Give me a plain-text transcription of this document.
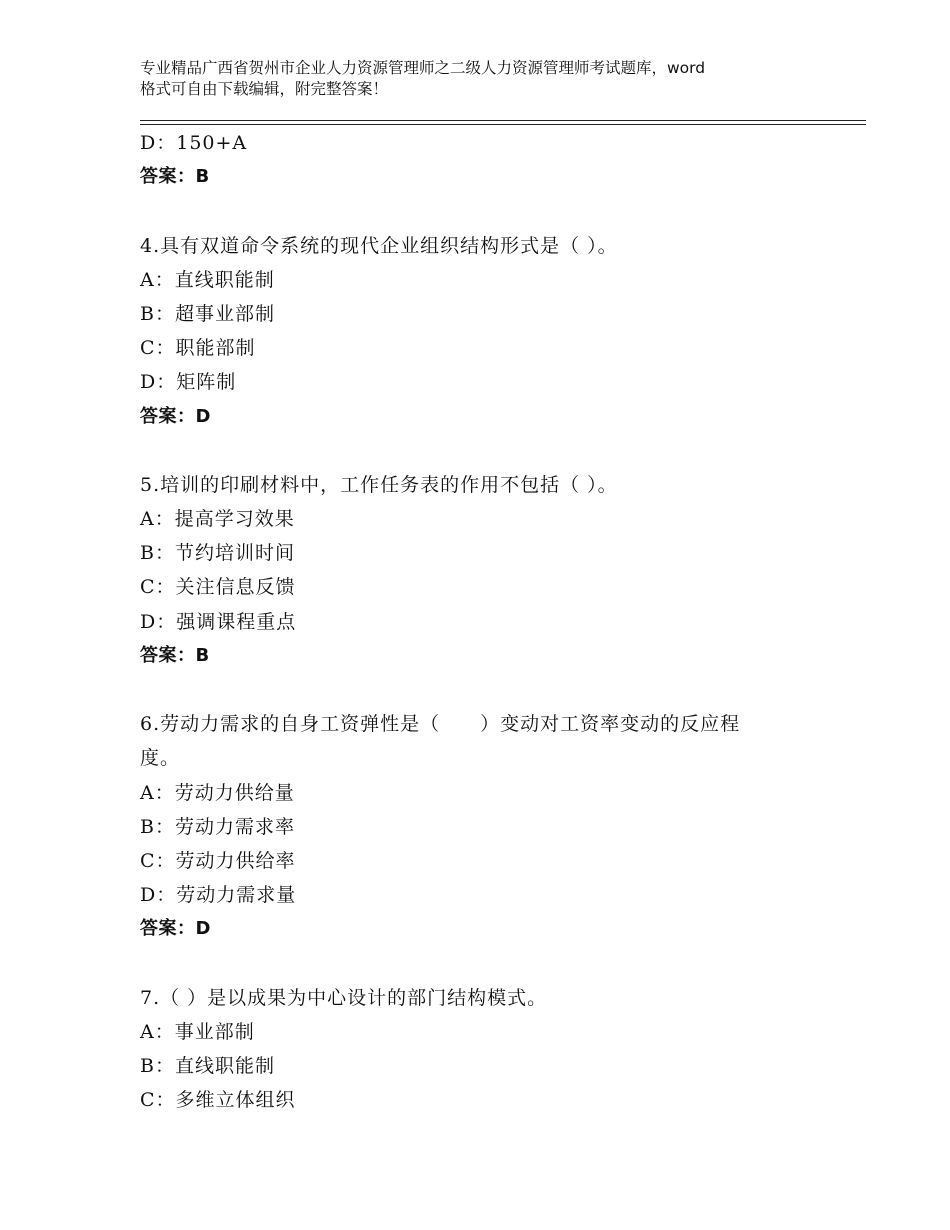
专业精品广西省贺州市企业人力资源管理师之二级人力资源管理师考试题库，word
格式可自由下载编辑，附完整答案！
D：150+A
答案：B
4.具有双道命令系统的现代企业组织结构形式是（ ）。
A：直线职能制
B：超事业部制
C：职能部制
D：矩阵制
答案：D
5.培训的印刷材料中，工作任务表的作用不包括（ ）。
A：提高学习效果
B：节约培训时间
C：关注信息反馈
D：强调课程重点
答案：B
6.劳动力需求的自身工资弹性是（　　）变动对工资率变动的反应程
度。
A：劳动力供给量
B：劳动力需求率
C：劳动力供给率
D：劳动力需求量
答案：D
7.（ ）是以成果为中心设计的部门结构模式。
A：事业部制
B：直线职能制
C：多维立体组织
